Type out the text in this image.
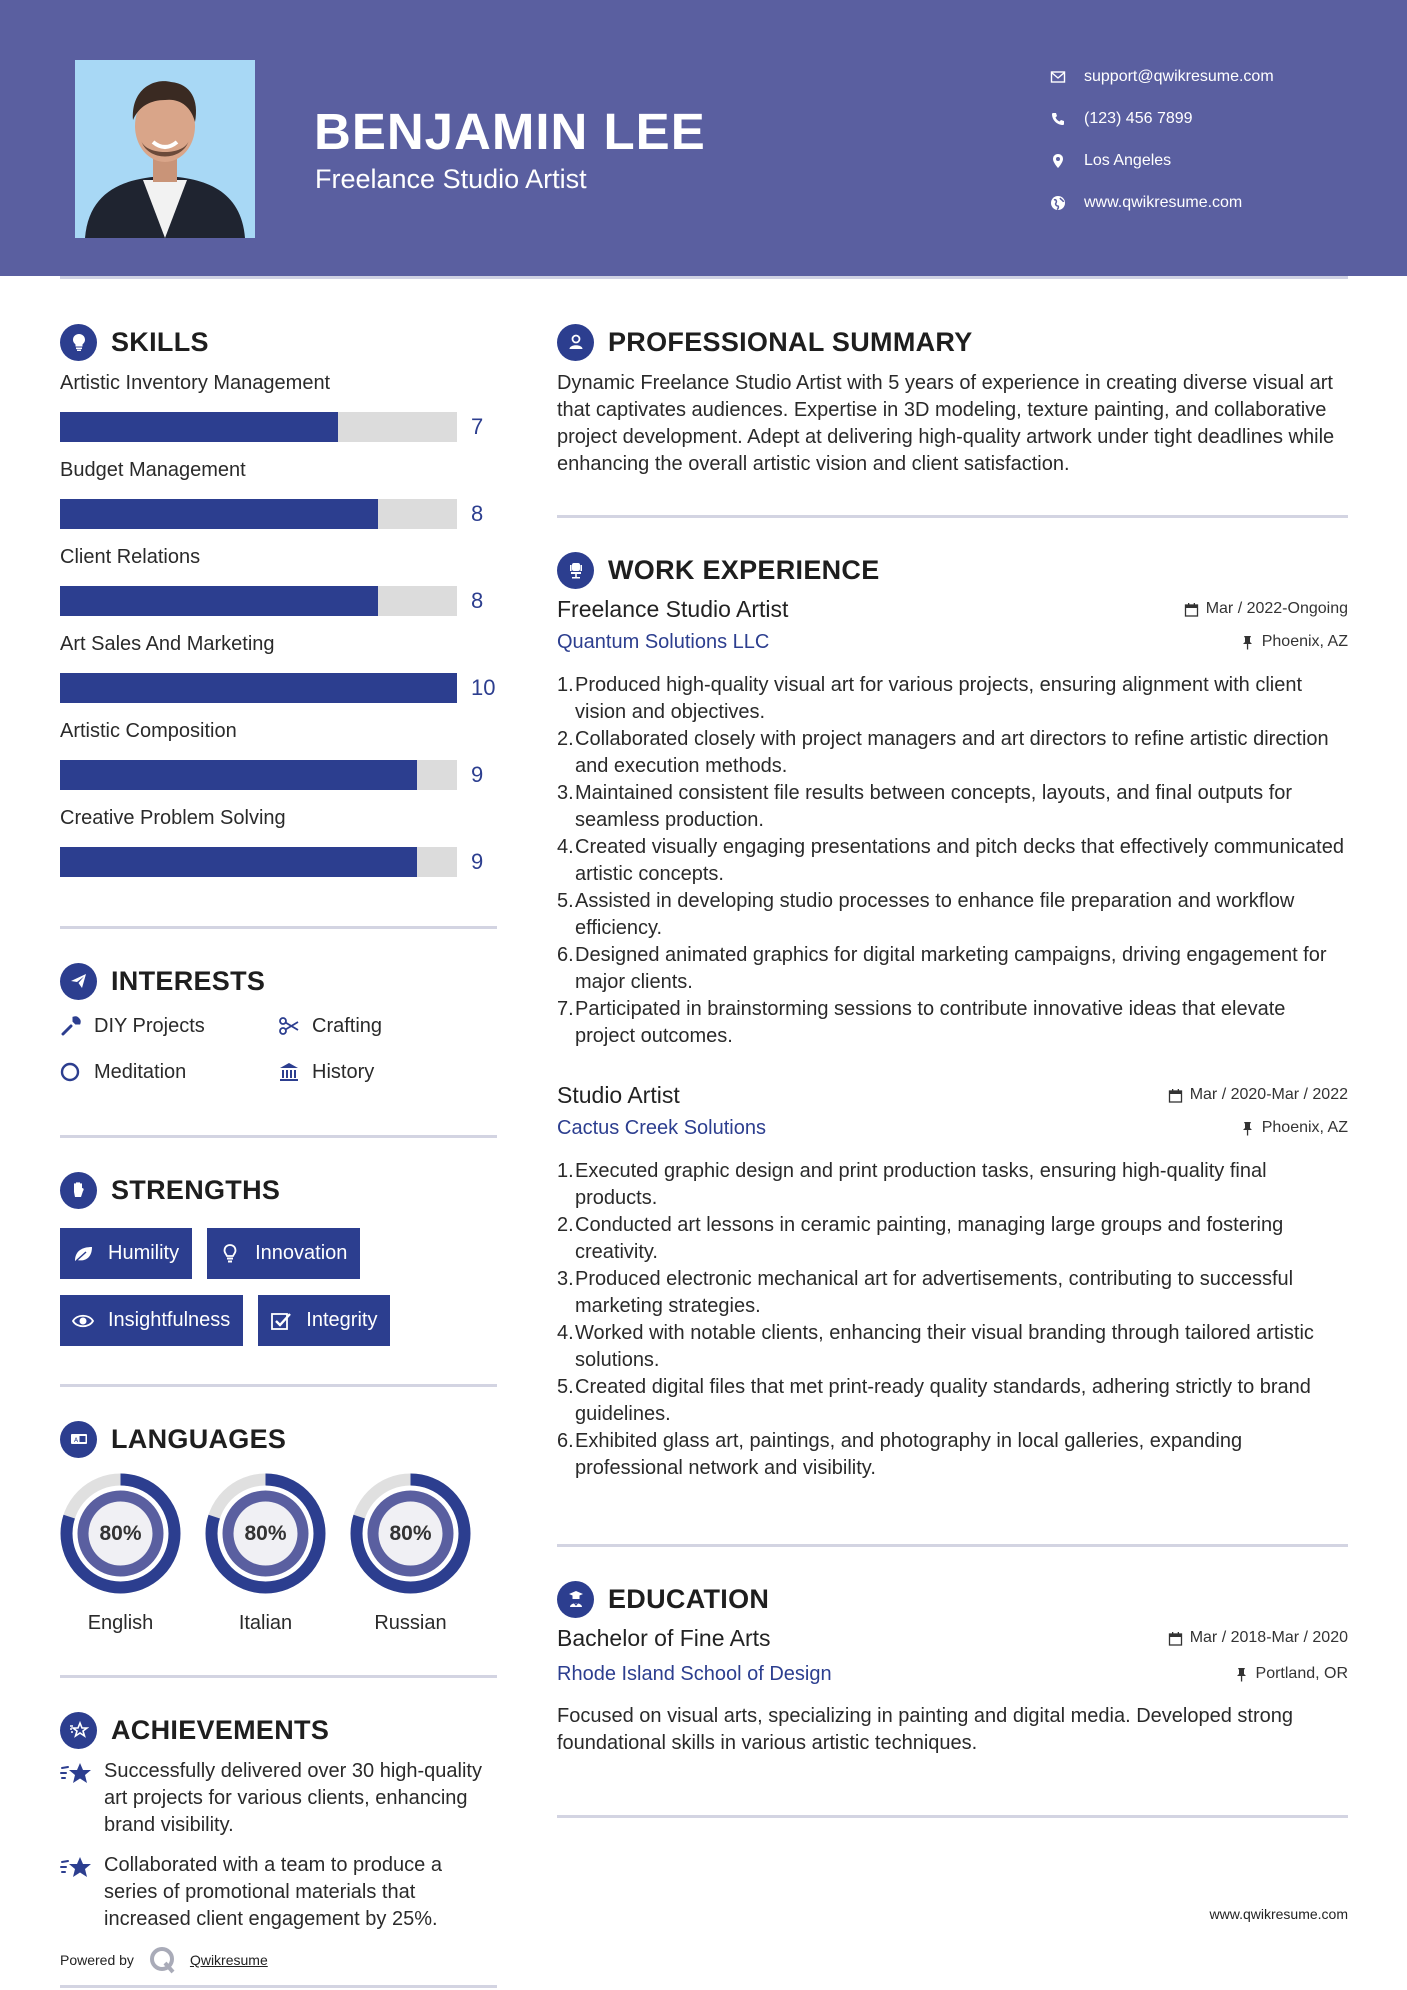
BENJAMIN LEE
Freelance Studio Artist
support@qwikresume.com
(123) 456 7899
Los Angeles
www.qwikresume.com
SKILLS
Artistic Inventory Management
7
Budget Management
8
Client Relations
8
Art Sales And Marketing
10
Artistic Composition
9
Creative Problem Solving
9
INTERESTS
DIY Projects	Crafting
Meditation	History
STRENGTHS
Humility	Innovation
Insightfulness	Integrity
A LANGUAGES
80%
English
80%
Italian
80%
Russian
ACHIEVEMENTS
Successfully delivered over 30 high-quality art projects for various clients, enhancing brand visibility.
Collaborated with a team to produce a series of promotional materials that increased client engagement by 25%.
Powered by	Qwikresume
PROFESSIONAL SUMMARY

Dynamic Freelance Studio Artist with 5 years of experience in creating diverse visual art that captivates audiences. Expertise in 3D modeling, texture painting, and collaborative project development. Adept at delivering high-quality artwork under tight deadlines while enhancing the overall artistic vision and client satisfaction.

WORK EXPERIENCE
Freelance Studio Artist	Mar / 2022-Ongoing
Quantum Solutions LLC	Phoenix, AZ
Produced high-quality visual art for various projects, ensuring alignment with client vision and objectives.
Collaborated closely with project managers and art directors to refine artistic direction and execution methods.
Maintained consistent file results between concepts, layouts, and final outputs for seamless production.
Created visually engaging presentations and pitch decks that effectively communicated artistic concepts.
Assisted in developing studio processes to enhance file preparation and workflow efficiency.
Designed animated graphics for digital marketing campaigns, driving engagement for major clients.
Participated in brainstorming sessions to contribute innovative ideas that elevate project outcomes.
Studio Artist	Mar / 2020-Mar / 2022
Cactus Creek Solutions	Phoenix, AZ
Executed graphic design and print production tasks, ensuring high-quality final products.
Conducted art lessons in ceramic painting, managing large groups and fostering creativity.
Produced electronic mechanical art for advertisements, contributing to successful marketing strategies.
Worked with notable clients, enhancing their visual branding through tailored artistic solutions.
Created digital files that met print-ready quality standards, adhering strictly to brand guidelines.
Exhibited glass art, paintings, and photography in local galleries, expanding professional network and visibility.
EDUCATION
Bachelor of Fine Arts	Mar / 2018-Mar / 2020
Rhode Island School of Design	Portland, OR

Focused on visual arts, specializing in painting and digital media. Developed strong foundational skills in various artistic techniques.

www.qwikresume.com
